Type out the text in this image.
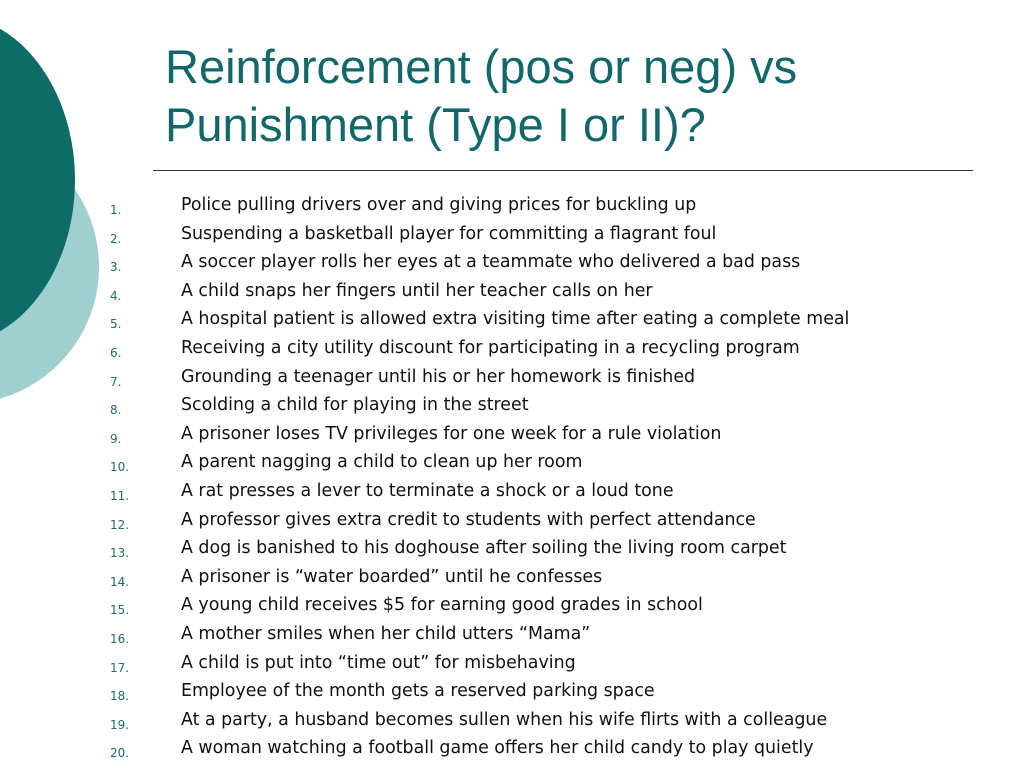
Reinforcement (pos or neg) vs
Punishment (Type I or II)?
1.	Police pulling drivers over and giving prices for buckling up
2.	Suspending a basketball player for committing a flagrant foul
3.	A soccer player rolls her eyes at a teammate who delivered a bad pass
4.	A child snaps her fingers until her teacher calls on her
5.	A hospital patient is allowed extra visiting time after eating a complete meal
6.	Receiving a city utility discount for participating in a recycling program
7.	Grounding a teenager until his or her homework is finished
8.	Scolding a child for playing in the street
9.	A prisoner loses TV privileges for one week for a rule violation
10.	A parent nagging a child to clean up her room
11.	A rat presses a lever to terminate a shock or a loud tone
12.	A professor gives extra credit to students with perfect attendance
13.	A dog is banished to his doghouse after soiling the living room carpet
14.	A prisoner is “water boarded” until he confesses
15.	A young child receives $5 for earning good grades in school
16.	A mother smiles when her child utters “Mama”
17.	A child is put into “time out” for misbehaving
18.	Employee of the month gets a reserved parking space
19.	At a party, a husband becomes sullen when his wife flirts with a colleague
20.	A woman watching a football game offers her child candy to play quietly
